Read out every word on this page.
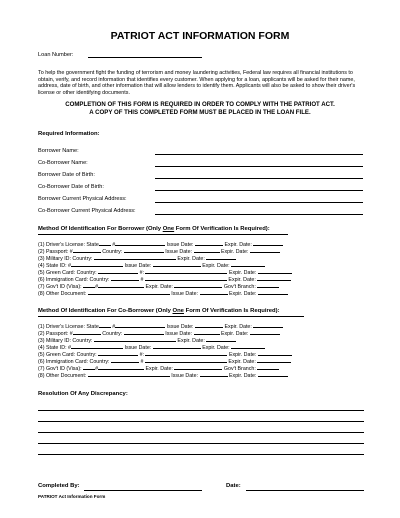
PATRIOT ACT INFORMATION FORM
Loan Number:
To help the government fight the funding of terrorism and money laundering activities, Federal law requires all financial institutions to obtain, verify, and record information that identifies every customer. When applying for a loan, applicants will be asked for their name, address, date of birth, and other information that will allow lenders to identify them. Applicants will also be asked to show their driver's license or other identifying documents.
COMPLETION OF THIS FORM IS REQUIRED IN ORDER TO COMPLY WITH THE PATRIOT ACT.
A COPY OF THIS COMPLETED FORM MUST BE PLACED IN THE LOAN FILE.
Required Information:
Borrower Name:
Co-Borrower Name:
Borrower Date of Birth:
Co-Borrower Date of Birth:
Borrower Current Physical Address:
Co-Borrower Current Physical Address:
Method Of Identification For Borrower (Only One Form Of Verification Is Required):
(1) Driver's License: State	#	Issue Date:	Expir. Date:
(2) Passport: #	Country:	Issue Date:	Expir. Date:
(3) Military ID: Country:	Expir. Date:
(4) State ID: #	Issue Date:	Expir. Date:
(5) Green Card: Country:	#:	Expir. Date:
(6) Immigration Card: Country:	#	Expir. Date:
(7) Gov't ID (Visa):	#	Expir. Date:	Gov't Branch:
(8) Other Document:	Issue Date:	Expir. Date:
Method Of Identification For Co-Borrower (Only One Form Of Verification Is Required):
(1) Driver's License: State	#	Issue Date:	Expir. Date:
(2) Passport: #	Country:	Issue Date:	Expir. Date:
(3) Military ID: Country:	Expir. Date:
(4) State ID: #	Issue Date:	Expir. Date:
(5) Green Card: Country:	#:	Expir. Date:
(6) Immigration Card: Country:	#	Expir. Date:
(7) Gov't ID (Visa):	#	Expir. Date:	Gov't Branch:
(8) Other Document:	Issue Date:	Expir. Date:
Resolution Of Any Discrepancy:
Completed By:	Date:
PATRIOT Act Information Form
